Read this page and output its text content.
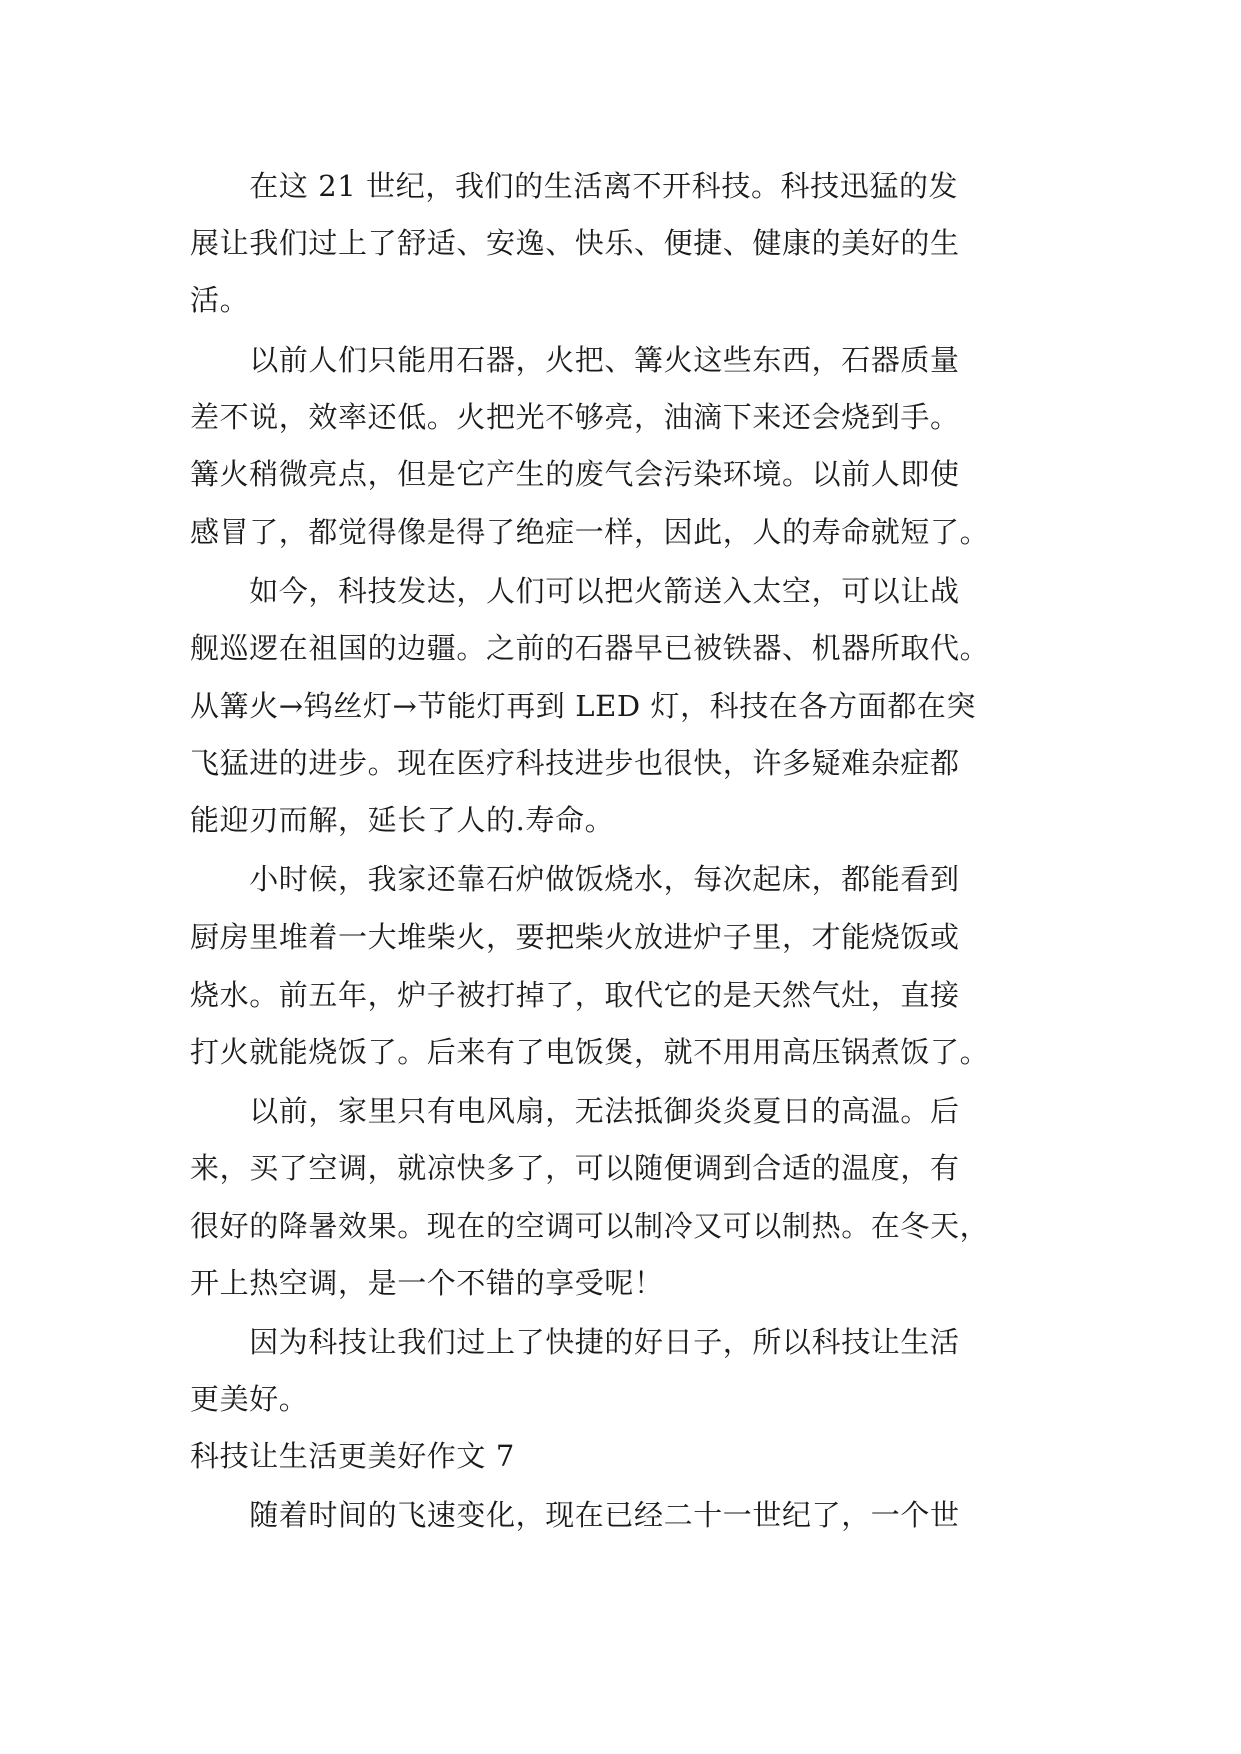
　　在这 21 世纪，我们的生活离不开科技。科技迅猛的发
展让我们过上了舒适、安逸、快乐、便捷、健康的美好的生
活。
　　以前人们只能用石器，火把、篝火这些东西，石器质量
差不说，效率还低。火把光不够亮，油滴下来还会烧到手。
篝火稍微亮点，但是它产生的废气会污染环境。以前人即使
感冒了，都觉得像是得了绝症一样，因此，人的寿命就短了。
　　如今，科技发达，人们可以把火箭送入太空，可以让战
舰巡逻在祖国的边疆。之前的石器早已被铁器、机器所取代。
从篝火→钨丝灯→节能灯再到 LED 灯，科技在各方面都在突
飞猛进的进步。现在医疗科技进步也很快，许多疑难杂症都
能迎刃而解，延长了人的.寿命。
　　小时候，我家还靠石炉做饭烧水，每次起床，都能看到
厨房里堆着一大堆柴火，要把柴火放进炉子里，才能烧饭或
烧水。前五年，炉子被打掉了，取代它的是天然气灶，直接
打火就能烧饭了。后来有了电饭煲，就不用用高压锅煮饭了。
　　以前，家里只有电风扇，无法抵御炎炎夏日的高温。后
来，买了空调，就凉快多了，可以随便调到合适的温度，有
很好的降暑效果。现在的空调可以制冷又可以制热。在冬天，
开上热空调，是一个不错的享受呢！
　　因为科技让我们过上了快捷的好日子，所以科技让生活
更美好。
科技让生活更美好作文 7
　　随着时间的飞速变化，现在已经二十一世纪了，一个世
